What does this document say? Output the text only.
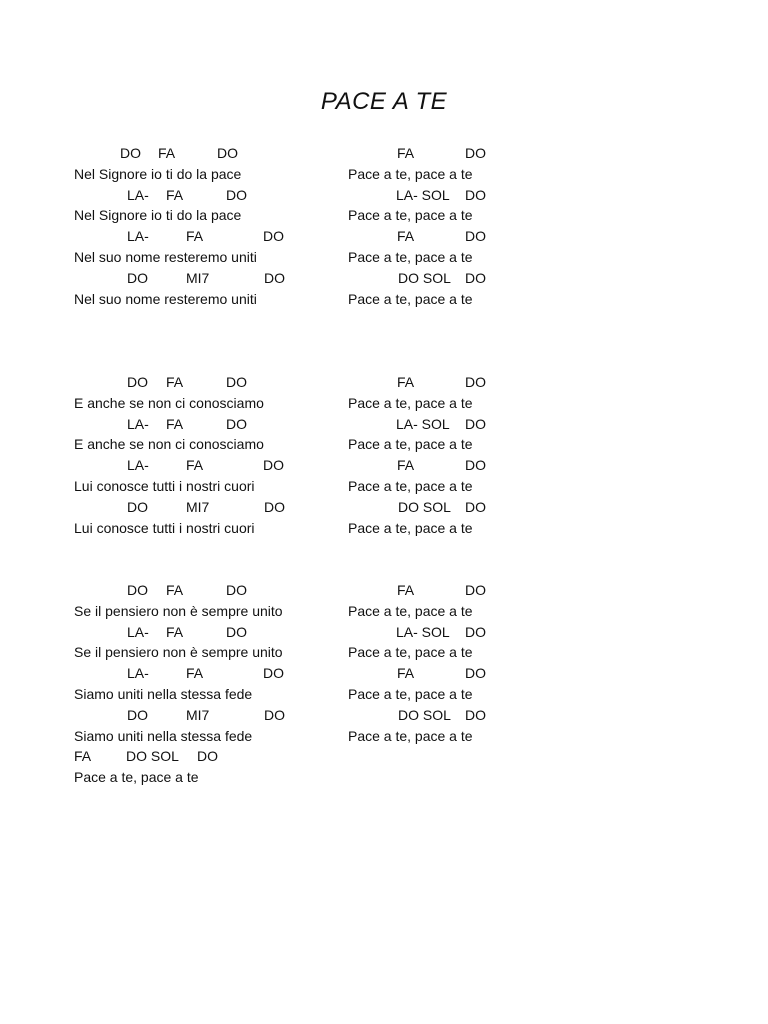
PACE A TE
DO FA	DO	FA	DO
Nel Signore io ti do la pace	Pace a te, pace a te
LA- FA	DO	LA- SOL DO
Nel Signore io ti do la pace	Pace a te, pace a te
LA-	FA	DO	FA	DO
Nel suo nome resteremo uniti	Pace a te, pace a te
DO	MI7	DO	DO SOL DO
Nel suo nome resteremo uniti	Pace a te, pace a te
DO FA	DO	FA	DO
E anche se non ci conosciamo	Pace a te, pace a te
LA- FA	DO	LA- SOL DO
E anche se non ci conosciamo	Pace a te, pace a te
LA-	FA	DO	FA	DO
Lui conosce tutti i nostri cuori	Pace a te, pace a te
DO	MI7	DO	DO SOL DO
Lui conosce tutti i nostri cuori	Pace a te, pace a te
DO FA	DO	FA	DO
Se il pensiero non è sempre unito	Pace a te, pace a te
LA- FA	DO	LA- SOL DO
Se il pensiero non è sempre unito	Pace a te, pace a te
LA-	FA	DO	FA	DO
Siamo uniti nella stessa fede	Pace a te, pace a te
DO	MI7	DO	DO SOL DO
Siamo uniti nella stessa fede	Pace a te, pace a te
FA DO SOL DO
Pace a te, pace a te
